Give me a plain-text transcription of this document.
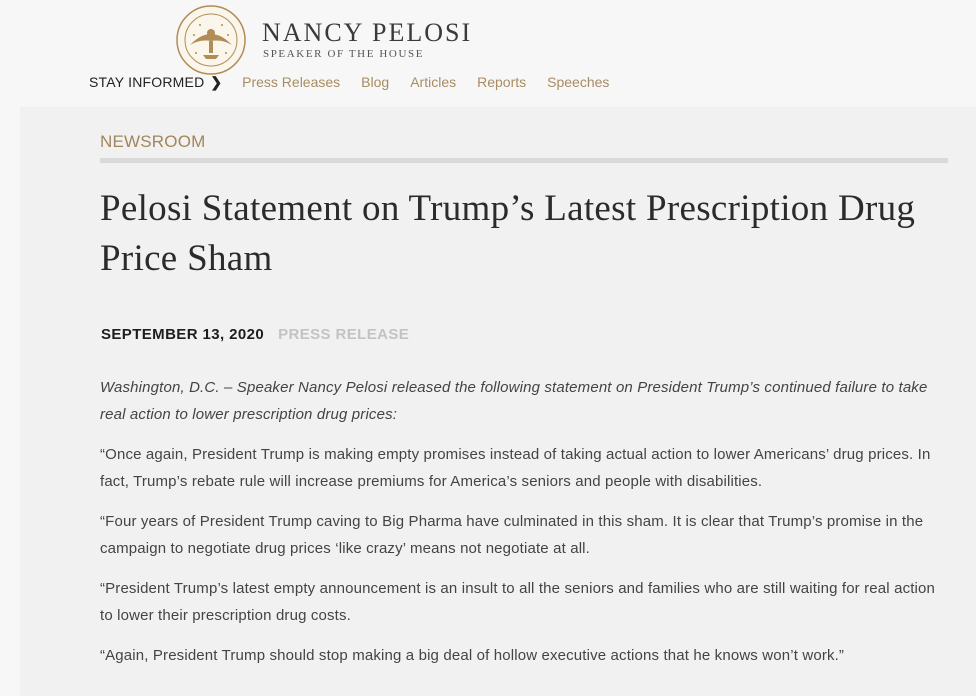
NANCY PELOSI
SPEAKER OF THE HOUSE
STAY INFORMED ❯ Press Releases Blog Articles Reports Speeches
NEWSROOM
Pelosi Statement on Trump’s Latest Prescription Drug Price Sham
SEPTEMBER 13, 2020 PRESS RELEASE

Washington, D.C. – Speaker Nancy Pelosi released the following statement on President Trump’s continued failure to take real action to lower prescription drug prices:

“Once again, President Trump is making empty promises instead of taking actual action to lower Americans’ drug prices. In fact, Trump’s rebate rule will increase premiums for America’s seniors and people with disabilities.

“Four years of President Trump caving to Big Pharma have culminated in this sham. It is clear that Trump’s promise in the campaign to negotiate drug prices ‘like crazy’ means not negotiate at all.

“President Trump’s latest empty announcement is an insult to all the seniors and families who are still waiting for real action to lower their prescription drug costs.

“Again, President Trump should stop making a big deal of hollow executive actions that he knows won’t work.”
